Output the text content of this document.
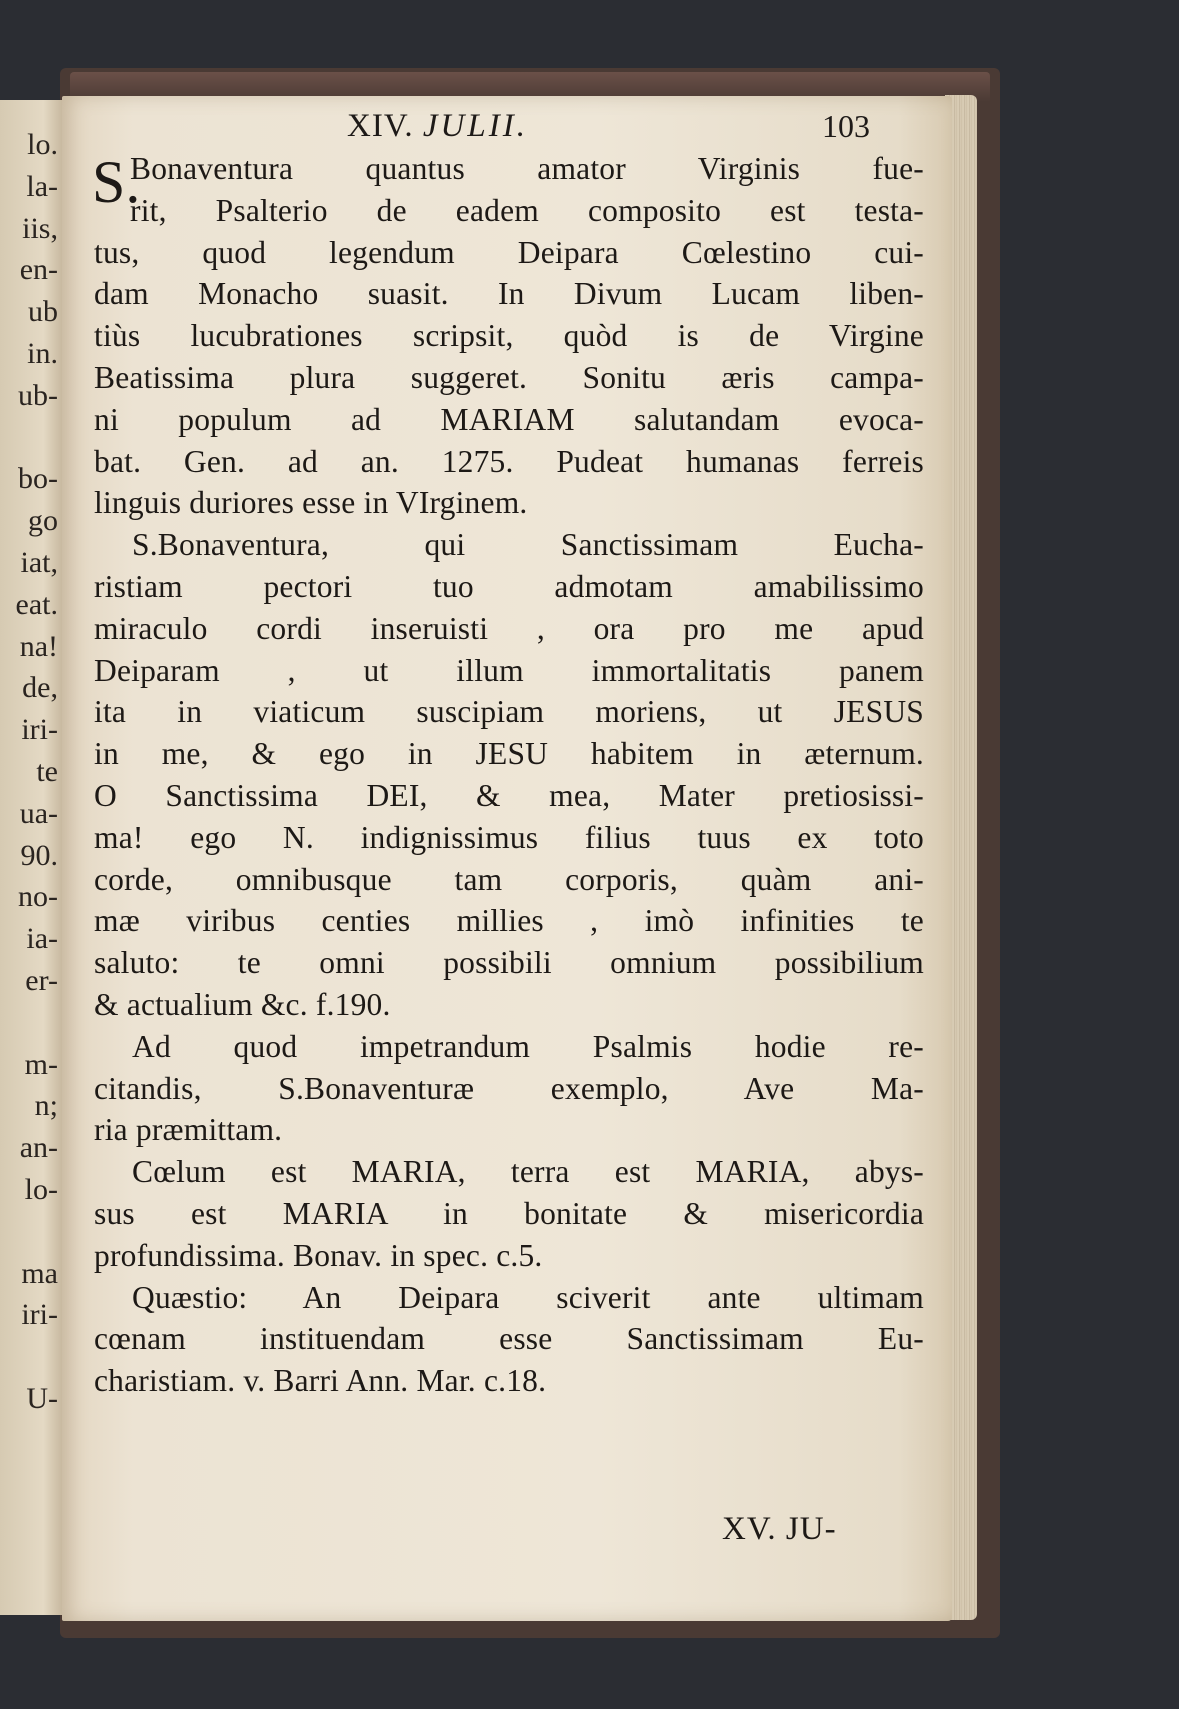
lo.
la-
iis,
en-
ub
in.
ub-
bo-
go
iat,
eat.
na!
de,
iri-
te
ua-
90.
no-
ia-
er-
m-
n;
an-
lo-
ma
iri-
U-
XIV. JULII.	103
S.
Bonaventura quantus amator Virginis fue-
rit, Psalterio de eadem composito est testa-
tus, quod legendum Deipara Cœlestino cui-
dam Monacho suasit. In Divum Lucam liben-
tiùs lucubrationes scripsit, quòd is de Virgine
Beatissima plura suggeret. Sonitu æris campa-
ni populum ad MARIAM salutandam evoca-
bat. Gen. ad an. 1275. Pudeat humanas ferreis
linguis duriores esse in VIrginem.
S.Bonaventura, qui Sanctissimam Eucha-
ristiam pectori tuo admotam amabilissimo
miraculo cordi inseruisti , ora pro me apud
Deiparam , ut illum immortalitatis panem
ita in viaticum suscipiam moriens, ut JESUS
in me, & ego in JESU habitem in æternum.
O Sanctissima DEI, & mea, Mater pretiosissi-
ma! ego N. indignissimus filius tuus ex toto
corde, omnibusque tam corporis, quàm ani-
mæ viribus centies millies , imò infinities te
saluto: te omni possibili omnium possibilium
& actualium &c. f.190.
Ad quod impetrandum Psalmis hodie re-
citandis, S.Bonaventuræ exemplo, Ave Ma-
ria præmittam.
Cœlum est MARIA, terra est MARIA, abys-
sus est MARIA in bonitate & misericordia
profundissima. Bonav. in spec. c.5.
Quæstio: An Deipara sciverit ante ultimam
cœnam instituendam esse Sanctissimam Eu-
charistiam. v. Barri Ann. Mar. c.18.
XV. JU-
